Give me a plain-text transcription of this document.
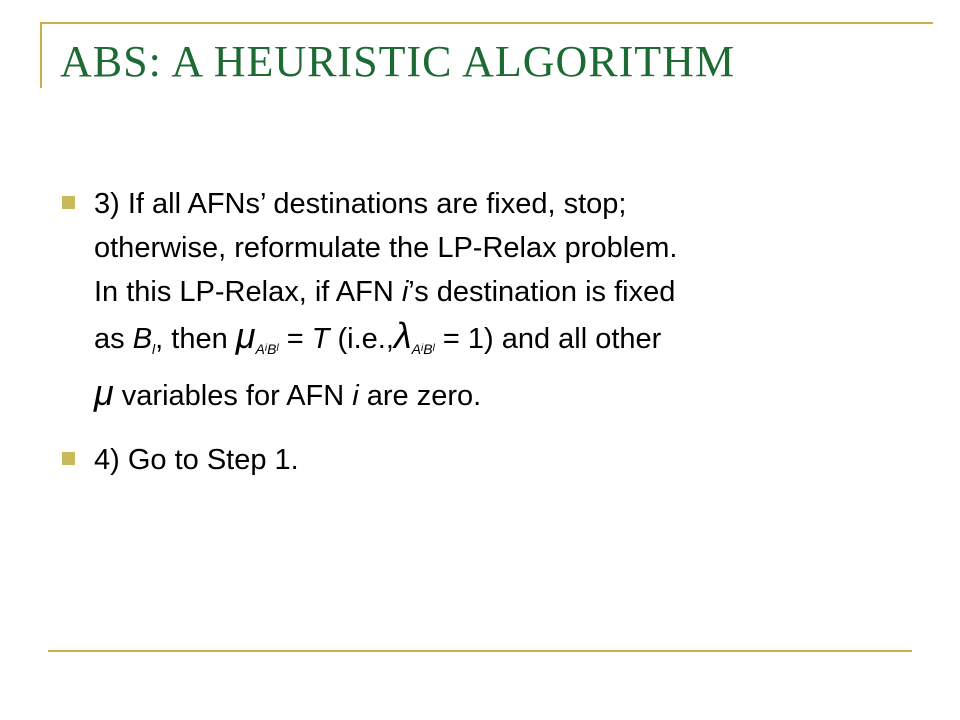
ABS: A HEURISTIC ALGORITHM
3) If all AFNs’ destinations are fixed, stop;
otherwise, reformulate the LP-Relax problem.
In this LP-Relax, if AFN i’s destination is fixed
as $B_l$, then $\mu_Ai_Bl = T$ $(i.e.,\lambda_Ai_Bl = 1)$ and all other
μ variables for AFN i are zero.
4) Go to Step 1.
